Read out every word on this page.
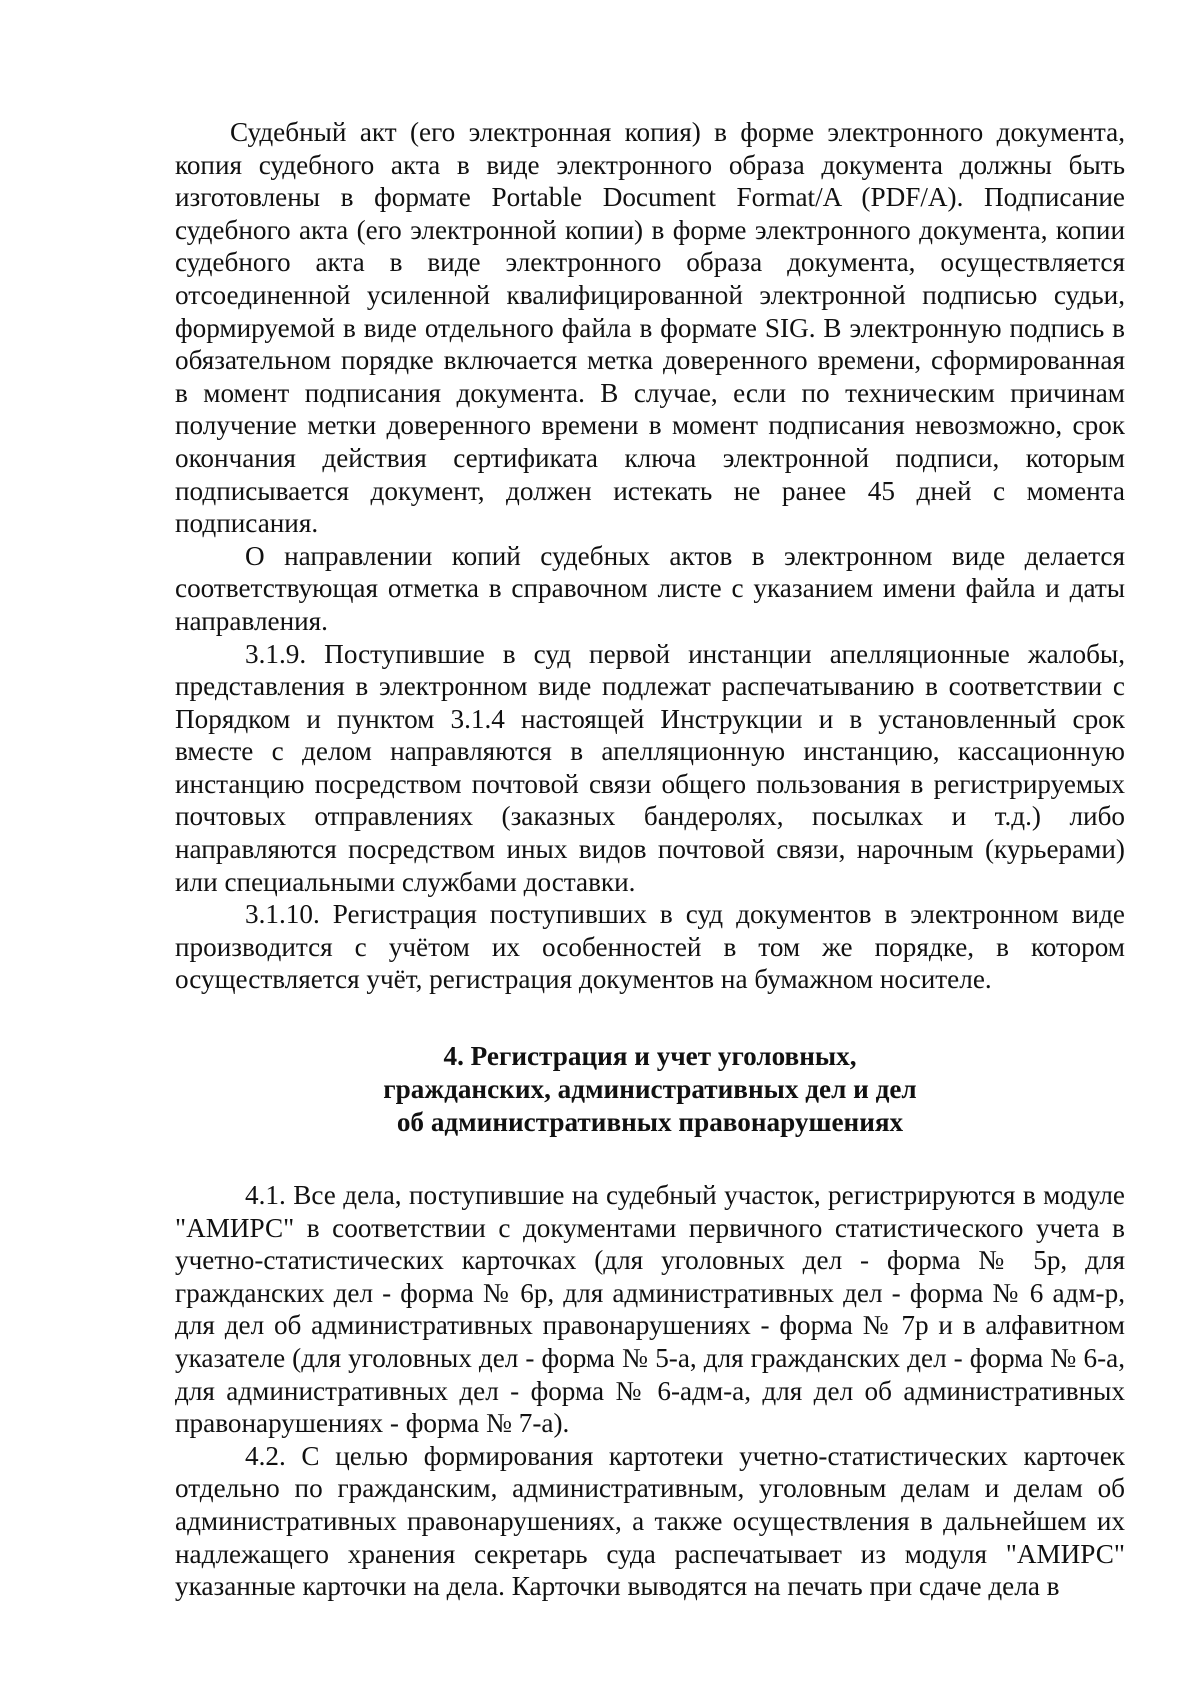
Судебный акт (его электронная копия) в форме электронного документа, копия судебного акта в виде электронного образа документа должны быть изготовлены в формате Portable Document Format/A (PDF/A). Подписание судебного акта (его электронной копии) в форме электронного документа, копии судебного акта в виде электронного образа документа, осуществляется отсоединенной усиленной квалифицированной электронной подписью судьи, формируемой в виде отдельного файла в формате SIG. В электронную подпись в обязательном порядке включается метка доверенного времени, сформированная в момент подписания документа. В случае, если по техническим причинам получение метки доверенного времени в момент подписания невозможно, срок окончания действия сертификата ключа электронной подписи, которым подписывается документ, должен истекать не ранее 45 дней с момента подписания.

О направлении копий судебных актов в электронном виде делается соответствующая отметка в справочном листе с указанием имени файла и даты направления.

3.1.9. Поступившие в суд первой инстанции апелляционные жалобы, представления в электронном виде подлежат распечатыванию в соответствии с Порядком и пунктом 3.1.4 настоящей Инструкции и в установленный срок вместе с делом направляются в апелляционную инстанцию, кассационную инстанцию посредством почтовой связи общего пользования в регистрируемых почтовых отправлениях (заказных бандеролях, посылках и т.д.) либо направляются посредством иных видов почтовой связи, нарочным (курьерами) или специальными службами доставки.

3.1.10. Регистрация поступивших в суд документов в электронном виде производится с учётом их особенностей в том же порядке, в котором осуществляется учёт, регистрация документов на бумажном носителе.

4. Регистрация и учет уголовных,
гражданских, административных дел и дел
об административных правонарушениях

4.1. Все дела, поступившие на судебный участок, регистрируются в модуле "АМИРС" в соответствии с документами первичного статистического учета в учетно-статистических карточках (для уголовных дел - форма № 5р, для гражданских дел - форма № 6р, для административных дел - форма № 6 адм-р, для дел об административных правонарушениях - форма № 7р и в алфавитном указателе (для уголовных дел - форма № 5-а, для гражданских дел - форма № 6-а, для административных дел - форма № 6-адм-а, для дел об административных правонарушениях - форма № 7-а).

4.2. С целью формирования картотеки учетно-статистических карточек отдельно по гражданским, административным, уголовным делам и делам об административных правонарушениях, а также осуществления в дальнейшем их надлежащего хранения секретарь суда распечатывает из модуля "АМИРС" указанные карточки на дела. Карточки выводятся на печать при сдаче дела в
